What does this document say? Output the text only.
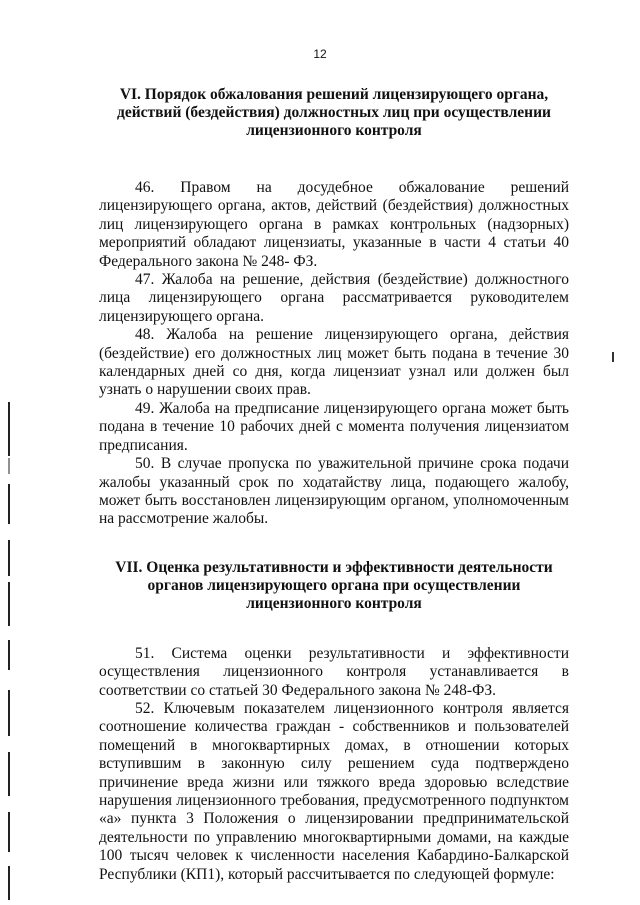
12
VI. Порядок обжалования решений лицензирующего органа,
действий (бездействия) должностных лиц при осуществлении
лицензионного контроля

46. Правом на досудебное обжалование решений лицензирующего органа, актов, действий (бездействия) должностных лиц лицензирующего органа в рамках контрольных (надзорных) мероприятий обладают лицензиаты, указанные в части 4 статьи 40 Федерального закона № 248- ФЗ.

47. Жалоба на решение, действия (бездействие) должностного лица лицензирующего органа рассматривается руководителем лицензирующего органа.

48. Жалоба на решение лицензирующего органа, действия (бездействие) его должностных лиц может быть подана в течение 30 календарных дней со дня, когда лицензиат узнал или должен был узнать о нарушении своих прав.

49. Жалоба на предписание лицензирующего органа может быть подана в течение 10 рабочих дней с момента получения лицензиатом предписания.

50. В случае пропуска по уважительной причине срока подачи жалобы указанный срок по ходатайству лица, подающего жалобу, может быть восстановлен лицензирующим органом, уполномоченным на рассмотрение жалобы.

VII. Оценка результативности и эффективности деятельности
органов лицензирующего органа при осуществлении
лицензионного контроля

51. Система оценки результативности и эффективности осуществления лицензионного контроля устанавливается в соответствии со статьей 30 Федерального закона № 248-ФЗ.

52. Ключевым показателем лицензионного контроля является соотношение количества граждан - собственников и пользователей помещений в многоквартирных домах, в отношении которых вступившим в законную силу решением суда подтверждено причинение вреда жизни или тяжкого вреда здоровью вследствие нарушения лицензионного требования, предусмотренного подпунктом «а» пункта 3 Положения о лицензировании предпринимательской деятельности по управлению многоквартирными домами, на каждые 100 тысяч человек к численности населения Кабардино-Балкарской Республики (КП1), который рассчитывается по следующей формуле:
